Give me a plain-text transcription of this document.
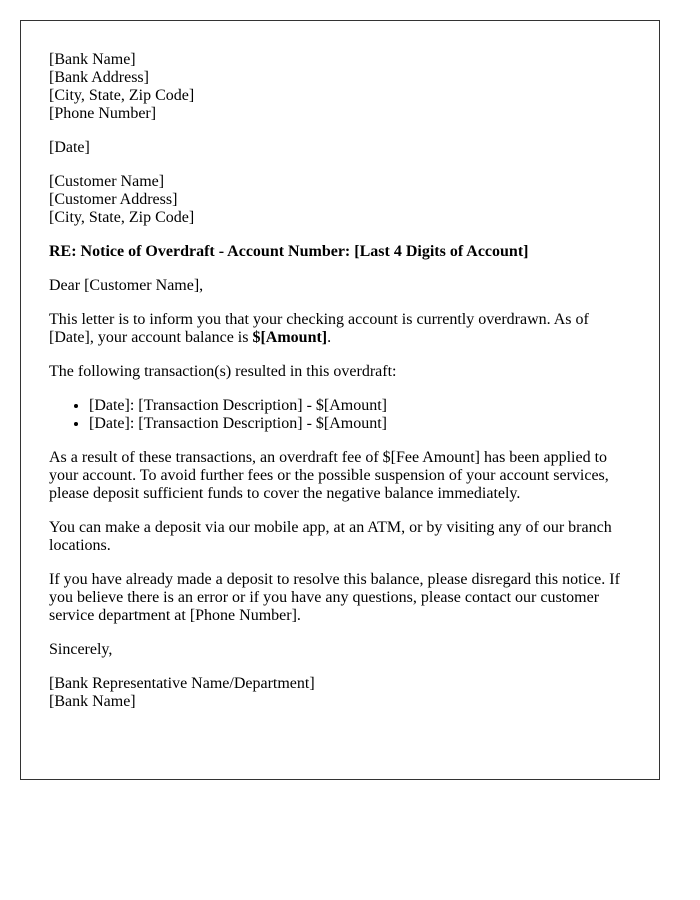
[Bank Name]
[Bank Address]
[City, State, Zip Code]
[Phone Number]

[Date]

[Customer Name]
[Customer Address]
[City, State, Zip Code]

RE: Notice of Overdraft - Account Number: [Last 4 Digits of Account]

Dear [Customer Name],

This letter is to inform you that your checking account is currently overdrawn. As of [Date], your account balance is $[Amount].

The following transaction(s) resulted in this overdraft:

• [Date]: [Transaction Description] - $[Amount]
• [Date]: [Transaction Description] - $[Amount]

As a result of these transactions, an overdraft fee of $[Fee Amount] has been applied to your account. To avoid further fees or the possible suspension of your account services, please deposit sufficient funds to cover the negative balance immediately.

You can make a deposit via our mobile app, at an ATM, or by visiting any of our branch locations.

If you have already made a deposit to resolve this balance, please disregard this notice. If you believe there is an error or if you have any questions, please contact our customer service department at [Phone Number].

Sincerely,

[Bank Representative Name/Department]
[Bank Name]
